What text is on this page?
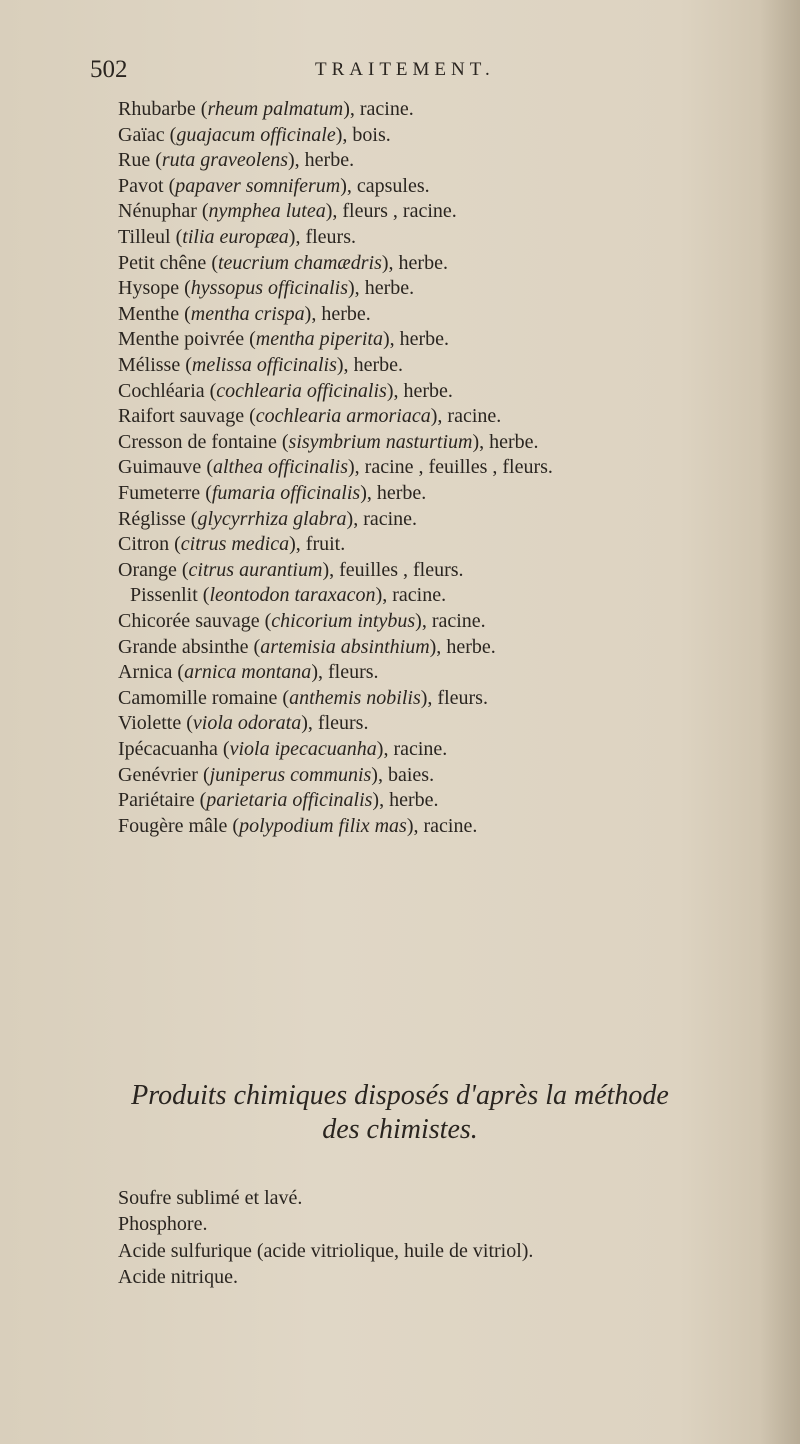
502	TRAITEMENT.
Rhubarbe (rheum palmatum), racine.
Gaïac (guajacum officinale), bois.
Rue (ruta graveolens), herbe.
Pavot (papaver somniferum), capsules.
Nénuphar (nymphea lutea), fleurs , racine.
Tilleul (tilia europæa), fleurs.
Petit chêne (teucrium chamædris), herbe.
Hysope (hyssopus officinalis), herbe.
Menthe (mentha crispa), herbe.
Menthe poivrée (mentha piperita), herbe.
Mélisse (melissa officinalis), herbe.
Cochléaria (cochlearia officinalis), herbe.
Raifort sauvage (cochlearia armoriaca), racine.
Cresson de fontaine (sisymbrium nasturtium), herbe.
Guimauve (althea officinalis), racine , feuilles , fleurs.
Fumeterre (fumaria officinalis), herbe.
Réglisse (glycyrrhiza glabra), racine.
Citron (citrus medica), fruit.
Orange (citrus aurantium), feuilles , fleurs.
Pissenlit (leontodon taraxacon), racine.
Chicorée sauvage (chicorium intybus), racine.
Grande absinthe (artemisia absinthium), herbe.
Arnica (arnica montana), fleurs.
Camomille romaine (anthemis nobilis), fleurs.
Violette (viola odorata), fleurs.
Ipécacuanha (viola ipecacuanha), racine.
Genévrier (juniperus communis), baies.
Pariétaire (parietaria officinalis), herbe.
Fougère mâle (polypodium filix mas), racine.
Produits chimiques disposés d'après la méthode
des chimistes.
Soufre sublimé et lavé.
Phosphore.
Acide sulfurique (acide vitriolique, huile de vitriol).
Acide nitrique.
